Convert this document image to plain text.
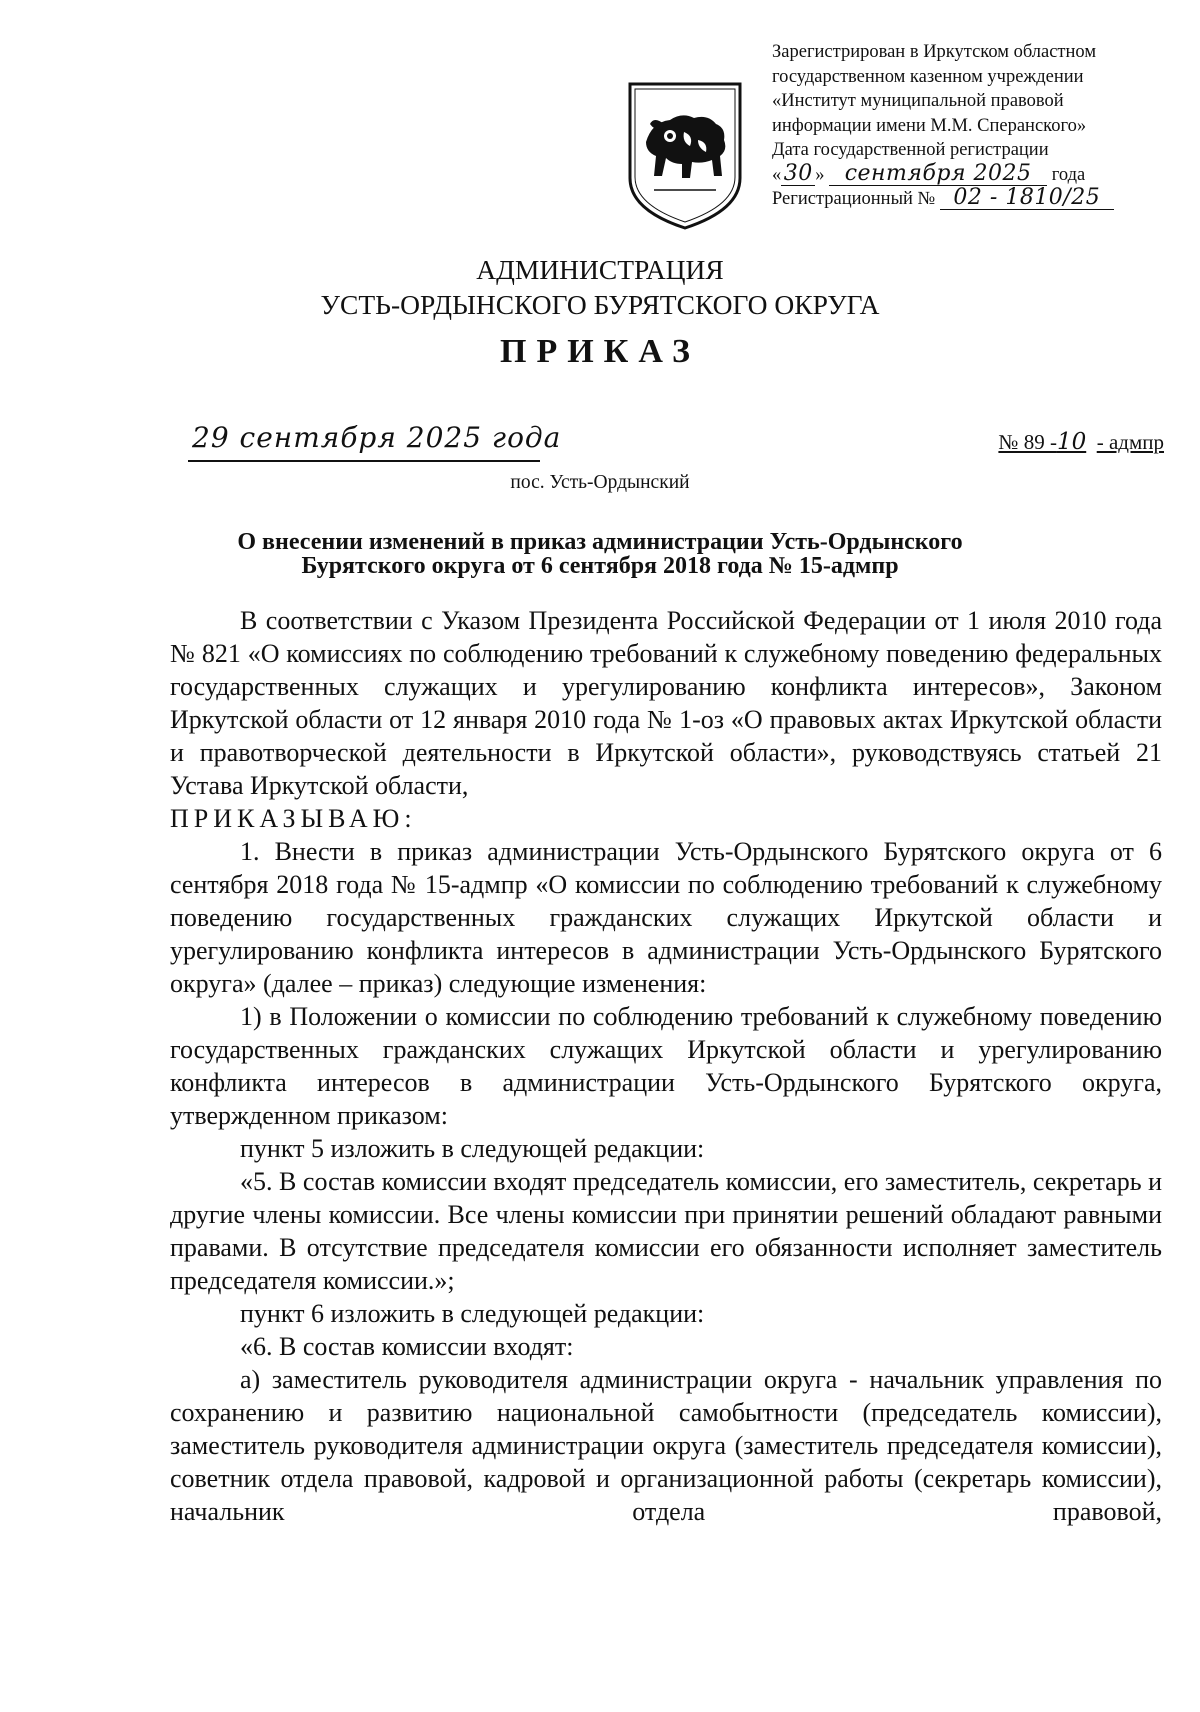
Зарегистрирован в Иркутском областном
государственном казенном учреждении
«Институт муниципальной правовой
информации имени М.М. Сперанского»
Дата государственной регистрации
« 30 » сентября 2025 года
Регистрационный № 02 - 1810/25
АДМИНИСТРАЦИЯ
УСТЬ-ОРДЫНСКОГО БУРЯТСКОГО ОКРУГА
ПРИКАЗ
29 сентября 2025 года	№ 89 -10 - адмпр
пос. Усть-Ордынский
О внесении изменений в приказ администрации Усть-Ордынского
Бурятского округа от 6 сентября 2018 года № 15-адмпр

В соответствии с Указом Президента Российской Федерации от 1 июля 2010 года № 821 «О комиссиях по соблюдению требований к служебному поведению федеральных государственных служащих и урегулированию конфликта интересов», Законом Иркутской области от 12 января 2010 года № 1-оз «О правовых актах Иркутской области и правотворческой деятельности в Иркутской области», руководствуясь статьей 21 Устава Иркутской области,

ПРИКАЗЫВАЮ:

1. Внести в приказ администрации Усть-Ордынского Бурятского округа от 6 сентября 2018 года № 15-адмпр «О комиссии по соблюдению требований к служебному поведению государственных гражданских служащих Иркутской области и урегулированию конфликта интересов в администрации Усть-Ордынского Бурятского округа» (далее – приказ) следующие изменения:

1) в Положении о комиссии по соблюдению требований к служебному поведению государственных гражданских служащих Иркутской области и урегулированию конфликта интересов в администрации Усть-Ордынского Бурятского округа, утвержденном приказом:

пункт 5 изложить в следующей редакции:

«5. В состав комиссии входят председатель комиссии, его заместитель, секретарь и другие члены комиссии. Все члены комиссии при принятии решений обладают равными правами. В отсутствие председателя комиссии его обязанности исполняет заместитель председателя комиссии.»;

пункт 6 изложить в следующей редакции:

«6. В состав комиссии входят:

а) заместитель руководителя администрации округа - начальник управления по сохранению и развитию национальной самобытности (председатель комиссии), заместитель руководителя администрации округа (заместитель председателя комиссии), советник отдела правовой, кадровой и организационной работы (секретарь комиссии), начальник отдела правовой,
